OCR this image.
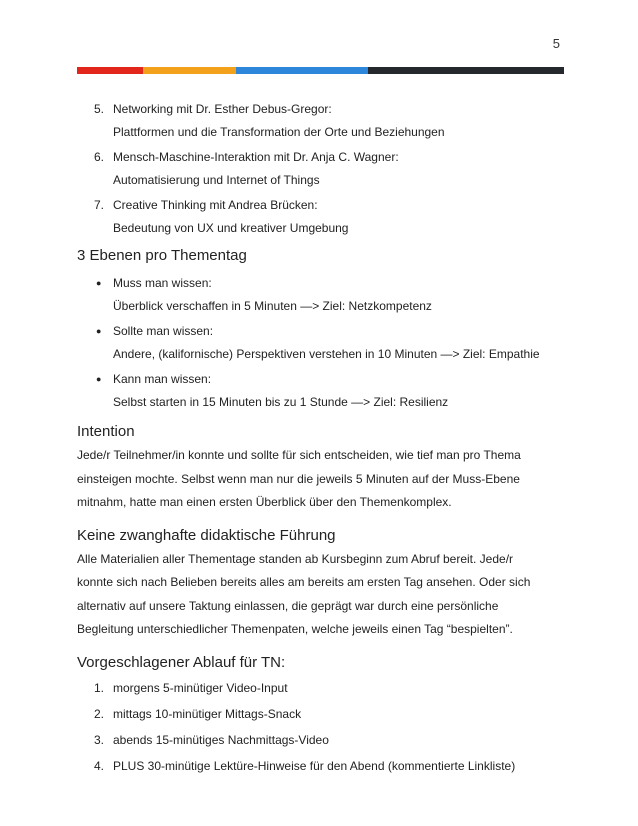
5
5. Networking mit Dr. Esther Debus-Gregor:
Plattformen und die Transformation der Orte und Beziehungen
6. Mensch-Maschine-Interaktion mit Dr. Anja C. Wagner:
Automatisierung und Internet of Things
7. Creative Thinking mit Andrea Brücken:
Bedeutung von UX und kreativer Umgebung
3 Ebenen pro Thementag
● Muss man wissen:
Überblick verschaffen in 5 Minuten —> Ziel: Netzkompetenz
● Sollte man wissen:
Andere, (kalifornische) Perspektiven verstehen in 10 Minuten —> Ziel: Empathie
● Kann man wissen:
Selbst starten in 15 Minuten bis zu 1 Stunde —> Ziel: Resilienz
Intention
Jede/r Teilnehmer/in konnte und sollte für sich entscheiden, wie tief man pro Thema
einsteigen mochte. Selbst wenn man nur die jeweils 5 Minuten auf der Muss-Ebene
mitnahm, hatte man einen ersten Überblick über den Themenkomplex.
Keine zwanghafte didaktische Führung
Alle Materialien aller Thementage standen ab Kursbeginn zum Abruf bereit. Jede/r
konnte sich nach Belieben bereits alles am bereits am ersten Tag ansehen. Oder sich
alternativ auf unsere Taktung einlassen, die geprägt war durch eine persönliche
Begleitung unterschiedlicher Themenpaten, welche jeweils einen Tag “bespielten”.
Vorgeschlagener Ablauf für TN:
1. morgens 5-minütiger Video-Input
2. mittags 10-minütiger Mittags-Snack
3. abends 15-minütiges Nachmittags-Video
4. PLUS 30-minütige Lektüre-Hinweise für den Abend (kommentierte Linkliste)
